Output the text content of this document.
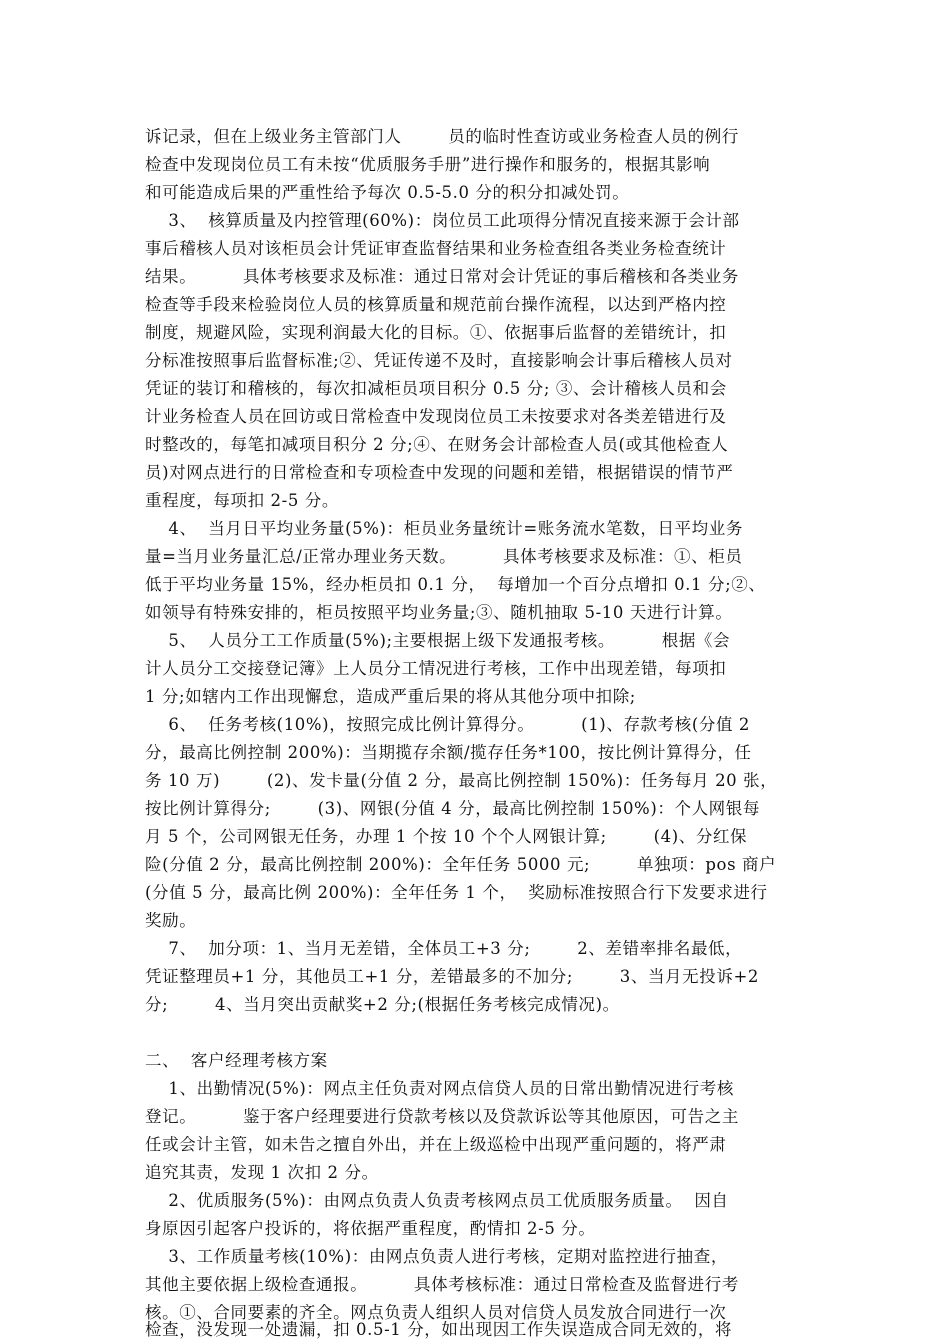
诉记录，但在上级业务主管部门人        员的临时性查访或业务检查人员的例行
检查中发现岗位员工有未按“优质服务手册”进行操作和服务的，根据其影响
和可能造成后果的严重性给予每次 0.5-5.0 分的积分扣减处罚。
3、  核算质量及内控管理(60%)：岗位员工此项得分情况直接来源于会计部
事后稽核人员对该柜员会计凭证审查监督结果和业务检查组各类业务检查统计
结果。        具体考核要求及标准：通过日常对会计凭证的事后稽核和各类业务
检查等手段来检验岗位人员的核算质量和规范前台操作流程，以达到严格内控
制度，规避风险，实现利润最大化的目标。①、依据事后监督的差错统计，扣
分标准按照事后监督标准;②、凭证传递不及时，直接影响会计事后稽核人员对
凭证的装订和稽核的，每次扣减柜员项目积分 0.5 分; ③、会计稽核人员和会
计业务检查人员在回访或日常检查中发现岗位员工未按要求对各类差错进行及
时整改的，每笔扣减项目积分 2 分;④、在财务会计部检查人员(或其他检查人
员)对网点进行的日常检查和专项检查中发现的问题和差错，根据错误的情节严
重程度，每项扣 2-5 分。
4、  当月日平均业务量(5%)：柜员业务量统计=账务流水笔数，日平均业务
量=当月业务量汇总/正常办理业务天数。        具体考核要求及标准：①、柜员
低于平均业务量 15%，经办柜员扣 0.1 分，  每增加一个百分点增扣 0.1 分;②、
如领导有特殊安排的，柜员按照平均业务量;③、随机抽取 5-10 天进行计算。
5、  人员分工工作质量(5%);主要根据上级下发通报考核。        根据《会
计人员分工交接登记簿》上人员分工情况进行考核，工作中出现差错，每项扣
1 分;如辖内工作出现懈怠，造成严重后果的将从其他分项中扣除;
6、  任务考核(10%)，按照完成比例计算得分。        (1)、存款考核(分值 2
分，最高比例控制 200%)：当期揽存余额/揽存任务*100，按比例计算得分，任
务 10 万)        (2)、发卡量(分值 2 分，最高比例控制 150%)：任务每月 20 张，
按比例计算得分;        (3)、网银(分值 4 分，最高比例控制 150%)：个人网银每
月 5 个，公司网银无任务，办理 1 个按 10 个个人网银计算;        (4)、分红保
险(分值 2 分，最高比例控制 200%)：全年任务 5000 元;        单独项：pos 商户
(分值 5 分，最高比例 200%)：全年任务 1 个，  奖励标准按照合行下发要求进行
奖励。
7、  加分项：1、当月无差错，全体员工+3 分;        2、差错率排名最低，
凭证整理员+1 分，其他员工+1 分，差错最多的不加分;        3、当月无投诉+2
分;        4、当月突出贡献奖+2 分;(根据任务考核完成情况)。
二、  客户经理考核方案
1、出勤情况(5%)：网点主任负责对网点信贷人员的日常出勤情况进行考核
登记。        鉴于客户经理要进行贷款考核以及贷款诉讼等其他原因，可告之主
任或会计主管，如未告之擅自外出，并在上级巡检中出现严重问题的，将严肃
追究其责，发现 1 次扣 2 分。
2、优质服务(5%)：由网点负责人负责考核网点员工优质服务质量。  因自
身原因引起客户投诉的，将依据严重程度，酌情扣 2-5 分。
3、工作质量考核(10%)：由网点负责人进行考核，定期对监控进行抽查，
其他主要依据上级检查通报。        具体考核标准：通过日常检查及监督进行考
核。①、合同要素的齐全。网点负责人组织人员对信贷人员发放合同进行一次
检查，没发现一处遗漏，扣 0.5-1 分，如出现因工作失误造成合同无效的，将
